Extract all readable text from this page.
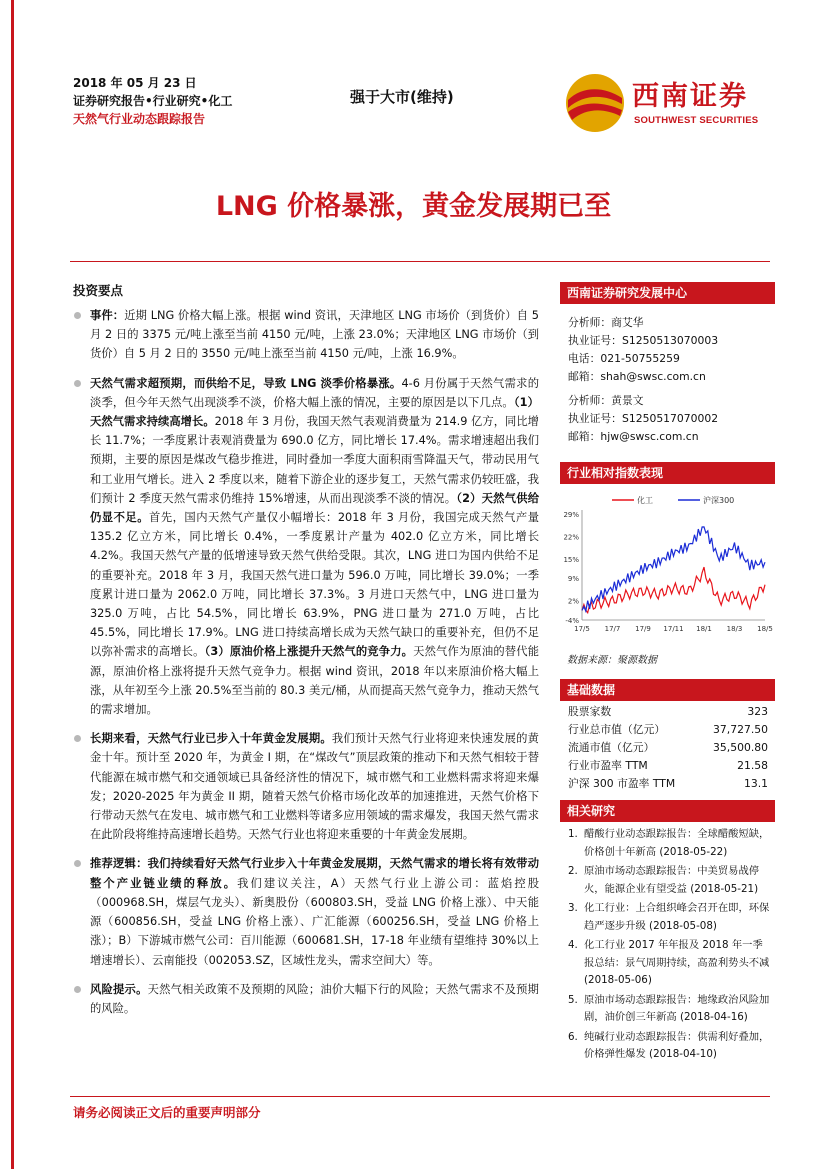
2018 年 05 月 23 日
证券研究报告•行业研究•化工
天然气行业动态跟踪报告
强于大市(维持)	西南证券
SOUTHWEST SECURITIES
LNG 价格暴涨，黄金发展期已至
投资要点
事件：近期 LNG 价格大幅上涨。根据 wind 资讯，天津地区 LNG 市场价（到货价）自 5 月 2 日的 3375 元/吨上涨至当前 4150 元/吨，上涨 23.0%；天津地区 LNG 市场价（到货价）自 5 月 2 日的 3550 元/吨上涨至当前 4150 元/吨，上涨 16.9%。
天然气需求超预期，而供给不足，导致 LNG 淡季价格暴涨。4-6 月份属于天然气需求的淡季，但今年天然气出现淡季不淡，价格大幅上涨的情况，主要的原因是以下几点。（1）天然气需求持续高增长。2018 年 3 月份，我国天然气表观消费量为 214.9 亿方，同比增长 11.7%；一季度累计表观消费量为 690.0 亿方，同比增长 17.4%。需求增速超出我们预期，主要的原因是煤改气稳步推进，同时叠加一季度大面积雨雪降温天气，带动民用气和工业用气增长。进入 2 季度以来，随着下游企业的逐步复工，天然气需求仍较旺盛，我们预计 2 季度天然气需求仍维持 15%增速，从而出现淡季不淡的情况。（2）天然气供给仍显不足。首先，国内天然气产量仅小幅增长：2018 年 3 月份，我国完成天然气产量 135.2 亿立方米，同比增长 0.4%，一季度累计产量为 402.0 亿立方米，同比增长 4.2%。我国天然气产量的低增速导致天然气供给受限。其次，LNG 进口为国内供给不足的重要补充。2018 年 3 月，我国天然气进口量为 596.0 万吨，同比增长 39.0%；一季度累计进口量为 2062.0 万吨，同比增长 37.3%。3 月进口天然气中，LNG 进口量为 325.0 万吨，占比 54.5%，同比增长 63.9%，PNG 进口量为 271.0 万吨，占比 45.5%，同比增长 17.9%。LNG 进口持续高增长成为天然气缺口的重要补充，但仍不足以弥补需求的高增长。（3）原油价格上涨提升天然气的竞争力。天然气作为原油的替代能源，原油价格上涨将提升天然气竞争力。根据 wind 资讯，2018 年以来原油价格大幅上涨，从年初至今上涨 20.5%至当前的 80.3 美元/桶，从而提高天然气竞争力，推动天然气的需求增加。
长期来看，天然气行业已步入十年黄金发展期。我们预计天然气行业将迎来快速发展的黄金十年。预计至 2020 年，为黄金 I 期，在“煤改气”顶层政策的推动下和天然气相较于替代能源在城市燃气和交通领域已具备经济性的情况下，城市燃气和工业燃料需求将迎来爆发；2020-2025 年为黄金 II 期，随着天然气价格市场化改革的加速推进，天然气价格下行带动天然气在发电、城市燃气和工业燃料等诸多应用领域的需求爆发，我国天然气需求在此阶段将维持高速增长趋势。天然气行业也将迎来重要的十年黄金发展期。
推荐逻辑：我们持续看好天然气行业步入十年黄金发展期，天然气需求的增长将有效带动整个产业链业绩的释放。我们建议关注，A）天然气行业上游公司：蓝焰控股（000968.SH，煤层气龙头）、新奥股份（600803.SH，受益 LNG 价格上涨）、中天能源（600856.SH，受益 LNG 价格上涨）、广汇能源（600256.SH，受益 LNG 价格上涨）；B）下游城市燃气公司：百川能源（600681.SH，17-18 年业绩有望维持 30%以上增速增长）、云南能投（002053.SZ，区域性龙头，需求空间大）等。
风险提示。天然气相关政策不及预期的风险；油价大幅下行的风险；天然气需求不及预期的风险。
西南证券研究发展中心
分析师：商艾华
执业证号：S1250513070003
电话：021-50755259
邮箱：shah@swsc.com.cn
分析师：黄景文
执业证号：S1250517070002
邮箱：hjw@swsc.com.cn
行业相对指数表现
29%
22%
15%
9%
2%
-4%
17/5 17/7 17/9 17/11 18/1 18/3 18/5
化工	沪深300
数据来源：聚源数据
基础数据
股票家数	323
行业总市值（亿元）	37,727.50
流通市值（亿元）	35,500.80
行业市盈率 TTM	21.58
沪深 300 市盈率 TTM	13.1
相关研究
1. 醋酸行业动态跟踪报告：全球醋酸短缺，价格创十年新高 (2018-05-22)
2. 原油市场动态跟踪报告：中美贸易战停火，能源企业有望受益 (2018-05-21)
3. 化工行业：上合组织峰会召开在即，环保趋严逐步升级 (2018-05-08)
4. 化工行业 2017 年年报及 2018 年一季报总结：景气周期持续，高盈利势头不减 (2018-05-06)
5. 原油市场动态跟踪报告：地缘政治风险加剧，油价创三年新高 (2018-04-16)
6. 纯碱行业动态跟踪报告：供需利好叠加，价格弹性爆发 (2018-04-10)
请务必阅读正文后的重要声明部分
